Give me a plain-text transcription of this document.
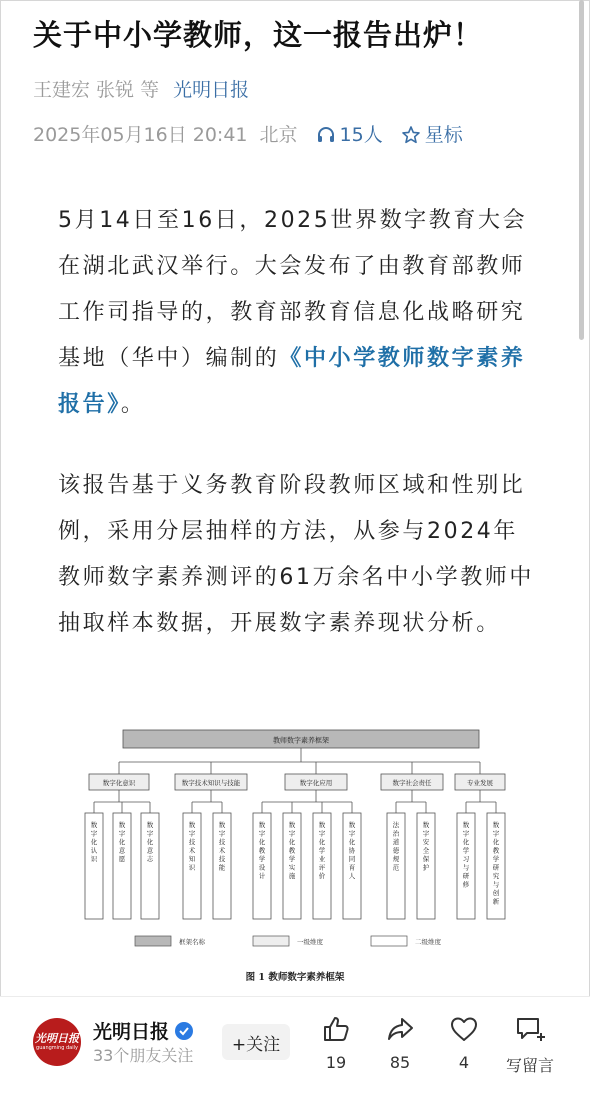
关于中小学教师，这一报告出炉！
王建宏 张锐 等 光明日报
2025年05月16日 20:41 北京 15人 星标

5月14日至16日，2025世界数字教育大会在湖北武汉举行。大会发布了由教育部教师工作司指导的，教育部教育信息化战略研究基地（华中）编制的《中小学教师数字素养报告》。

该报告基于义务教育阶段教师区域和性别比例，采用分层抽样的方法，从参与2024年教师数字素养测评的61万余名中小学教师中抽取样本数据，开展数字素养现状分析。

教师数字素养框架
数字化意识
数字化认识
数字化意愿
数字化意志
数字技术知识与技能
数字技术知识
数字技术技能
数字化应用
数字化教学设计
数字化教学实施
数字化学业评价
数字化协同育人
数字社会责任
法治道德规范
数字安全保护
专业发展
数字化学习与研修
数字化教学研究与创新
框架名称	一级维度	二级维度
图 1 教师数字素养框架
光明日报
guangming daily
光明日报
33个朋友关注
+关注
19	85	4	写留言
